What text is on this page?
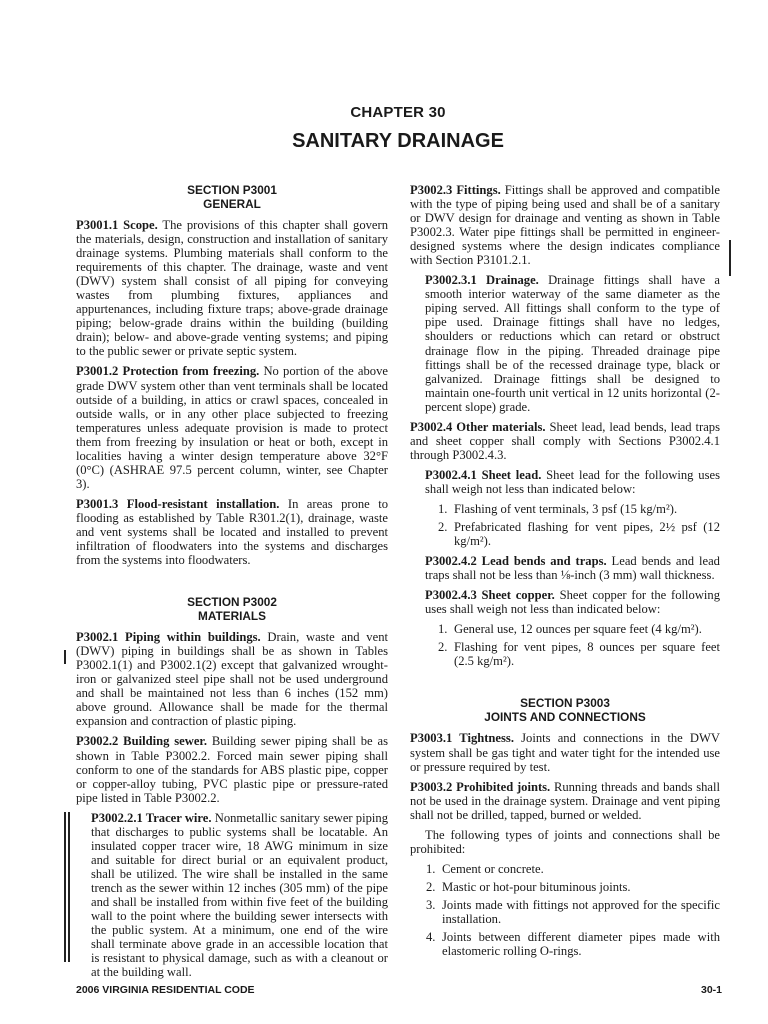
CHAPTER 30
SANITARY DRAINAGE
SECTION P3001
GENERAL

P3001.1 Scope. The provisions of this chapter shall govern the materials, design, construction and installation of sanitary drainage systems. Plumbing materials shall conform to the requirements of this chapter. The drainage, waste and vent (DWV) system shall consist of all piping for conveying wastes from plumbing fixtures, appliances and appurtenances, including fixture traps; above-grade drainage piping; below-grade drains within the building (building drain); below- and above-grade venting systems; and piping to the public sewer or private septic system.

P3001.2 Protection from freezing. No portion of the above grade DWV system other than vent terminals shall be located outside of a building, in attics or crawl spaces, concealed in outside walls, or in any other place subjected to freezing temperatures unless adequate provision is made to protect them from freezing by insulation or heat or both, except in localities having a winter design temperature above 32°F (0°C) (ASHRAE 97.5 percent column, winter, see Chapter 3).

P3001.3 Flood-resistant installation. In areas prone to flooding as established by Table R301.2(1), drainage, waste and vent systems shall be located and installed to prevent infiltration of floodwaters into the systems and discharges from the systems into floodwaters.

SECTION P3002
MATERIALS

P3002.1 Piping within buildings. Drain, waste and vent (DWV) piping in buildings shall be as shown in Tables P3002.1(1) and P3002.1(2) except that galvanized wrought-iron or galvanized steel pipe shall not be used underground and shall be maintained not less than 6 inches (152 mm) above ground. Allowance shall be made for the thermal expansion and contraction of plastic piping.

P3002.2 Building sewer. Building sewer piping shall be as shown in Table P3002.2. Forced main sewer piping shall conform to one of the standards for ABS plastic pipe, copper or copper-alloy tubing, PVC plastic pipe or pressure-rated pipe listed in Table P3002.2.

P3002.2.1 Tracer wire. Nonmetallic sanitary sewer piping that discharges to public systems shall be locatable. An insulated copper tracer wire, 18 AWG minimum in size and suitable for direct burial or an equivalent product, shall be utilized. The wire shall be installed in the same trench as the sewer within 12 inches (305 mm) of the pipe and shall be installed from within five feet of the building wall to the point where the building sewer intersects with the public system. At a minimum, one end of the wire shall terminate above grade in an accessible location that is resistant to physical damage, such as with a cleanout or at the building wall.

P3002.3 Fittings. Fittings shall be approved and compatible with the type of piping being used and shall be of a sanitary or DWV design for drainage and venting as shown in Table P3002.3. Water pipe fittings shall be permitted in engineer-designed systems where the design indicates compliance with Section P3101.2.1.

P3002.3.1 Drainage. Drainage fittings shall have a smooth interior waterway of the same diameter as the piping served. All fittings shall conform to the type of pipe used. Drainage fittings shall have no ledges, shoulders or reductions which can retard or obstruct drainage flow in the piping. Threaded drainage pipe fittings shall be of the recessed drainage type, black or galvanized. Drainage fittings shall be designed to maintain one-fourth unit vertical in 12 units horizontal (2-percent slope) grade.

P3002.4 Other materials. Sheet lead, lead bends, lead traps and sheet copper shall comply with Sections P3002.4.1 through P3002.4.3.

P3002.4.1 Sheet lead. Sheet lead for the following uses shall weigh not less than indicated below:

1. Flashing of vent terminals, 3 psf (15 kg/m²).
2. Prefabricated flashing for vent pipes, 2½ psf (12 kg/m²).

P3002.4.2 Lead bends and traps. Lead bends and lead traps shall not be less than ⅛-inch (3 mm) wall thickness.

P3002.4.3 Sheet copper. Sheet copper for the following uses shall weigh not less than indicated below:

1. General use, 12 ounces per square feet (4 kg/m²).
2. Flashing for vent pipes, 8 ounces per square feet (2.5 kg/m²).
SECTION P3003
JOINTS AND CONNECTIONS

P3003.1 Tightness. Joints and connections in the DWV system shall be gas tight and water tight for the intended use or pressure required by test.

P3003.2 Prohibited joints. Running threads and bands shall not be used in the drainage system. Drainage and vent piping shall not be drilled, tapped, burned or welded.

The following types of joints and connections shall be prohibited:

1. Cement or concrete.
2. Mastic or hot-pour bituminous joints.
3. Joints made with fittings not approved for the specific installation.
4. Joints between different diameter pipes made with elastomeric rolling O-rings.
2006 VIRGINIA RESIDENTIAL CODE	30-1
